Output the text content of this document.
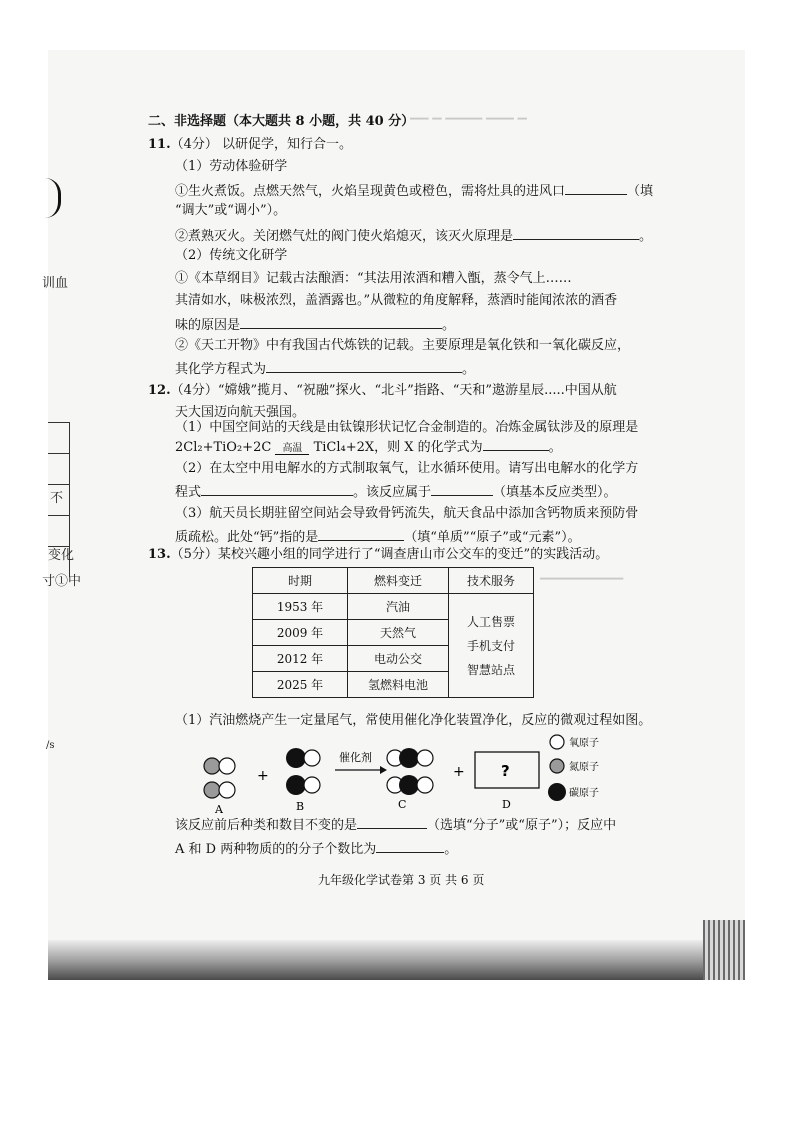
▔▔ ▔ ▔▔▔▔ ▔▔▔ ▔
▔▔▔▔▔▔▔▔▔
训血
不
变化
寸①中
/s
二、非选择题（本大题共 8 小题，共 40 分）
11.（4分） 以研促学，知行合一。
（1）劳动体验研学
①生火煮饭。点燃天然气，火焰呈现黄色或橙色，需将灶具的进风口	（填
“调大”或“调小”）。
②煮熟灭火。关闭燃气灶的阀门使火焰熄灭，该灭火原理是	。
（2）传统文化研学
①《本草纲目》记载古法酿酒：“其法用浓酒和糟入甑，蒸令气上……
其清如水，味极浓烈，盖酒露也。”从微粒的角度解释，蒸酒时能闻浓浓的酒香
味的原因是	。
②《天工开物》中有我国古代炼铁的记载。主要原理是氧化铁和一氧化碳反应，
其化学方程式为	。
12.（4分）“嫦娥”揽月、“祝融”探火、“北斗”指路、“天和”遨游星辰.....中国从航
天大国迈向航天强国。
（1）中国空间站的天线是由钛镍形状记忆合金制造的。冶炼金属钛涉及的原理是
2Cl₂+TiO₂+2C	高温 TiCl₄+2X，则 X 的化学式为	。
（2）在太空中用电解水的方式制取氧气，让水循环使用。请写出电解水的化学方
程式	。该反应属于	（填基本反应类型）。
（3）航天员长期驻留空间站会导致骨钙流失，航天食品中添加含钙物质来预防骨
质疏松。此处“钙”指的是	（填“单质”“原子”或“元素”）。
13.（5分）某校兴趣小组的同学进行了“调查唐山市公交车的变迁”的实践活动。
时期	燃料变迁	技术服务
1953 年	汽油	人工售票
手机支付
智慧站点

2009 年	天然气	
2012 年	电动公交	
2025 年	氢燃料电池	
（1）汽油燃烧产生一定量尾气，常使用催化净化装置净化，反应的微观过程如图。
+
催化剂
+ ?
氧原子
氮原子
碳原子
A	B	C	D
该反应前后种类和数目不变的是	（选填“分子”或“原子”）；反应中
A 和 D 两种物质的的分子个数比为	。
九年级化学试卷第 3 页 共 6 页
